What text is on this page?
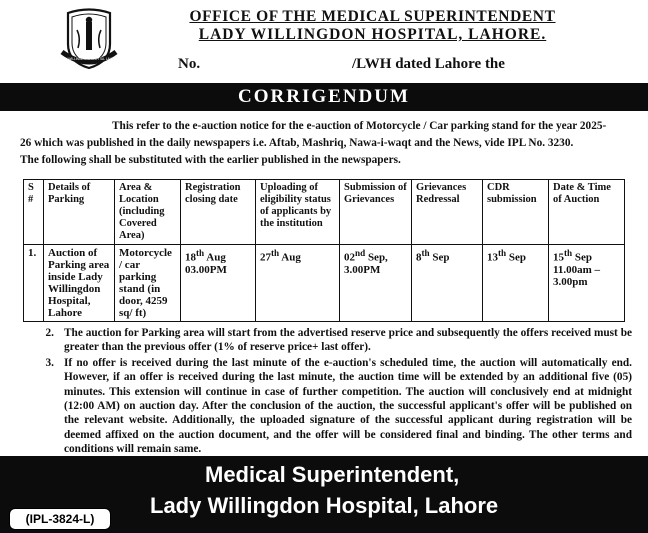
LADY WILLINGDON HOSPITAL LAHORE
OFFICE OF THE MEDICAL SUPERINTENDENT
LADY WILLINGDON HOSPITAL, LAHORE.
No.	/LWH dated Lahore the
CORRIGENDUM
This refer to the e-auction notice for the e-auction of Motorcycle / Car parking stand for the year 2025-
26 which was published in the daily newspapers i.e. Aftab, Mashriq, Nawa-i-waqt and the News, vide IPL No. 3230.
The following shall be substituted with the earlier published in the newspapers.
S #	Details of Parking	Area & Location (including Covered Area)	Registration closing date	Uploading of eligibility status of applicants by the institution	Submission of Grievances	Grievances Redressal	CDR submission	Date & Time of Auction
1.	Auction of Parking area inside Lady Willingdon Hospital, Lahore	Motorcycle / car parking stand (in door, 4259 sq/ ft)	18th Aug
03.00PM	27th Aug	02nd Sep,
3.00PM	8th Sep	13th Sep	15th Sep
11.00am – 3.00pm
2. The auction for Parking area will start from the advertised reserve price and subsequently the offers received must be greater than the previous offer (1% of reserve price+ last offer).
3. If no offer is received during the last minute of the e-auction's scheduled time, the auction will automatically end. However, if an offer is received during the last minute, the auction time will be extended by an additional five (05) minutes. This extension will continue in case of further competition. The auction will conclusively end at midnight (12:00 AM) on auction day. After the conclusion of the auction, the successful applicant's offer will be published on the relevant website. Additionally, the uploaded signature of the successful applicant during registration will be deemed affixed on the auction document, and the offer will be considered final and binding. The other terms and conditions will remain same.
Medical Superintendent,
Lady Willingdon Hospital, Lahore
(IPL-3824-L)
